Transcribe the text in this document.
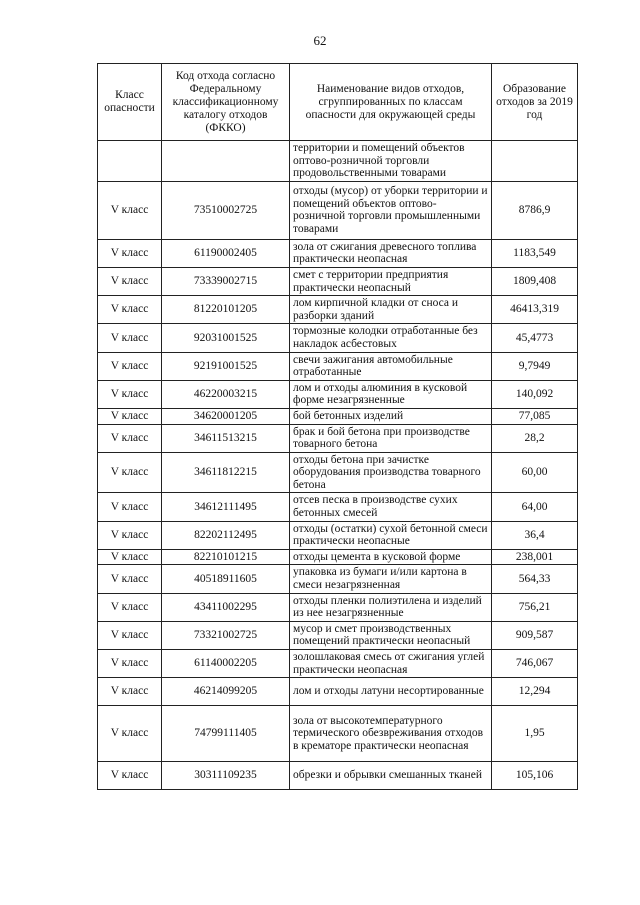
62
Класс опасности	Код отхода согласно Федеральному классификационному каталогу отходов (ФККО)	Наименование видов отходов, сгруппированных по классам опасности для окружающей среды	Образование отходов за 2019 год
		территории и помещений объектов оптово-розничной торговли продовольственными товарами	
V класс	73510002725	отходы (мусор) от уборки территории и помещений объектов оптово-розничной торговли промышленными товарами	8786,9
V класс	61190002405	зола от сжигания древесного топлива практически неопасная	1183,549
V класс	73339002715	смет с территории предприятия практически неопасный	1809,408
V класс	81220101205	лом кирпичной кладки от сноса и разборки зданий	46413,319
V класс	92031001525	тормозные колодки отработанные без накладок асбестовых	45,4773
V класс	92191001525	свечи зажигания автомобильные отработанные	9,7949
V класс	46220003215	лом и отходы алюминия в кусковой форме незагрязненные	140,092
V класс	34620001205	бой бетонных изделий	77,085
V класс	34611513215	брак и бой бетона при производстве товарного бетона	28,2
V класс	34611812215	отходы бетона при зачистке оборудования производства товарного бетона	60,00
V класс	34612111495	отсев песка в производстве сухих бетонных смесей	64,00
V класс	82202112495	отходы (остатки) сухой бетонной смеси практически неопасные	36,4
V класс	82210101215	отходы цемента в кусковой форме	238,001
V класс	40518911605	упаковка из бумаги и/или картона в смеси незагрязненная	564,33
V класс	43411002295	отходы пленки полиэтилена и изделий из нее незагрязненные	756,21
V класс	73321002725	мусор и смет производственных помещений практически неопасный	909,587
V класс	61140002205	золошлаковая смесь от сжигания углей практически неопасная	746,067
V класс	46214099205	лом и отходы латуни несортированные	12,294
V класс	74799111405	зола от высокотемпературного термического обезвреживания отходов в крематоре практически неопасная	1,95
V класс	30311109235	обрезки и обрывки смешанных тканей	105,106
